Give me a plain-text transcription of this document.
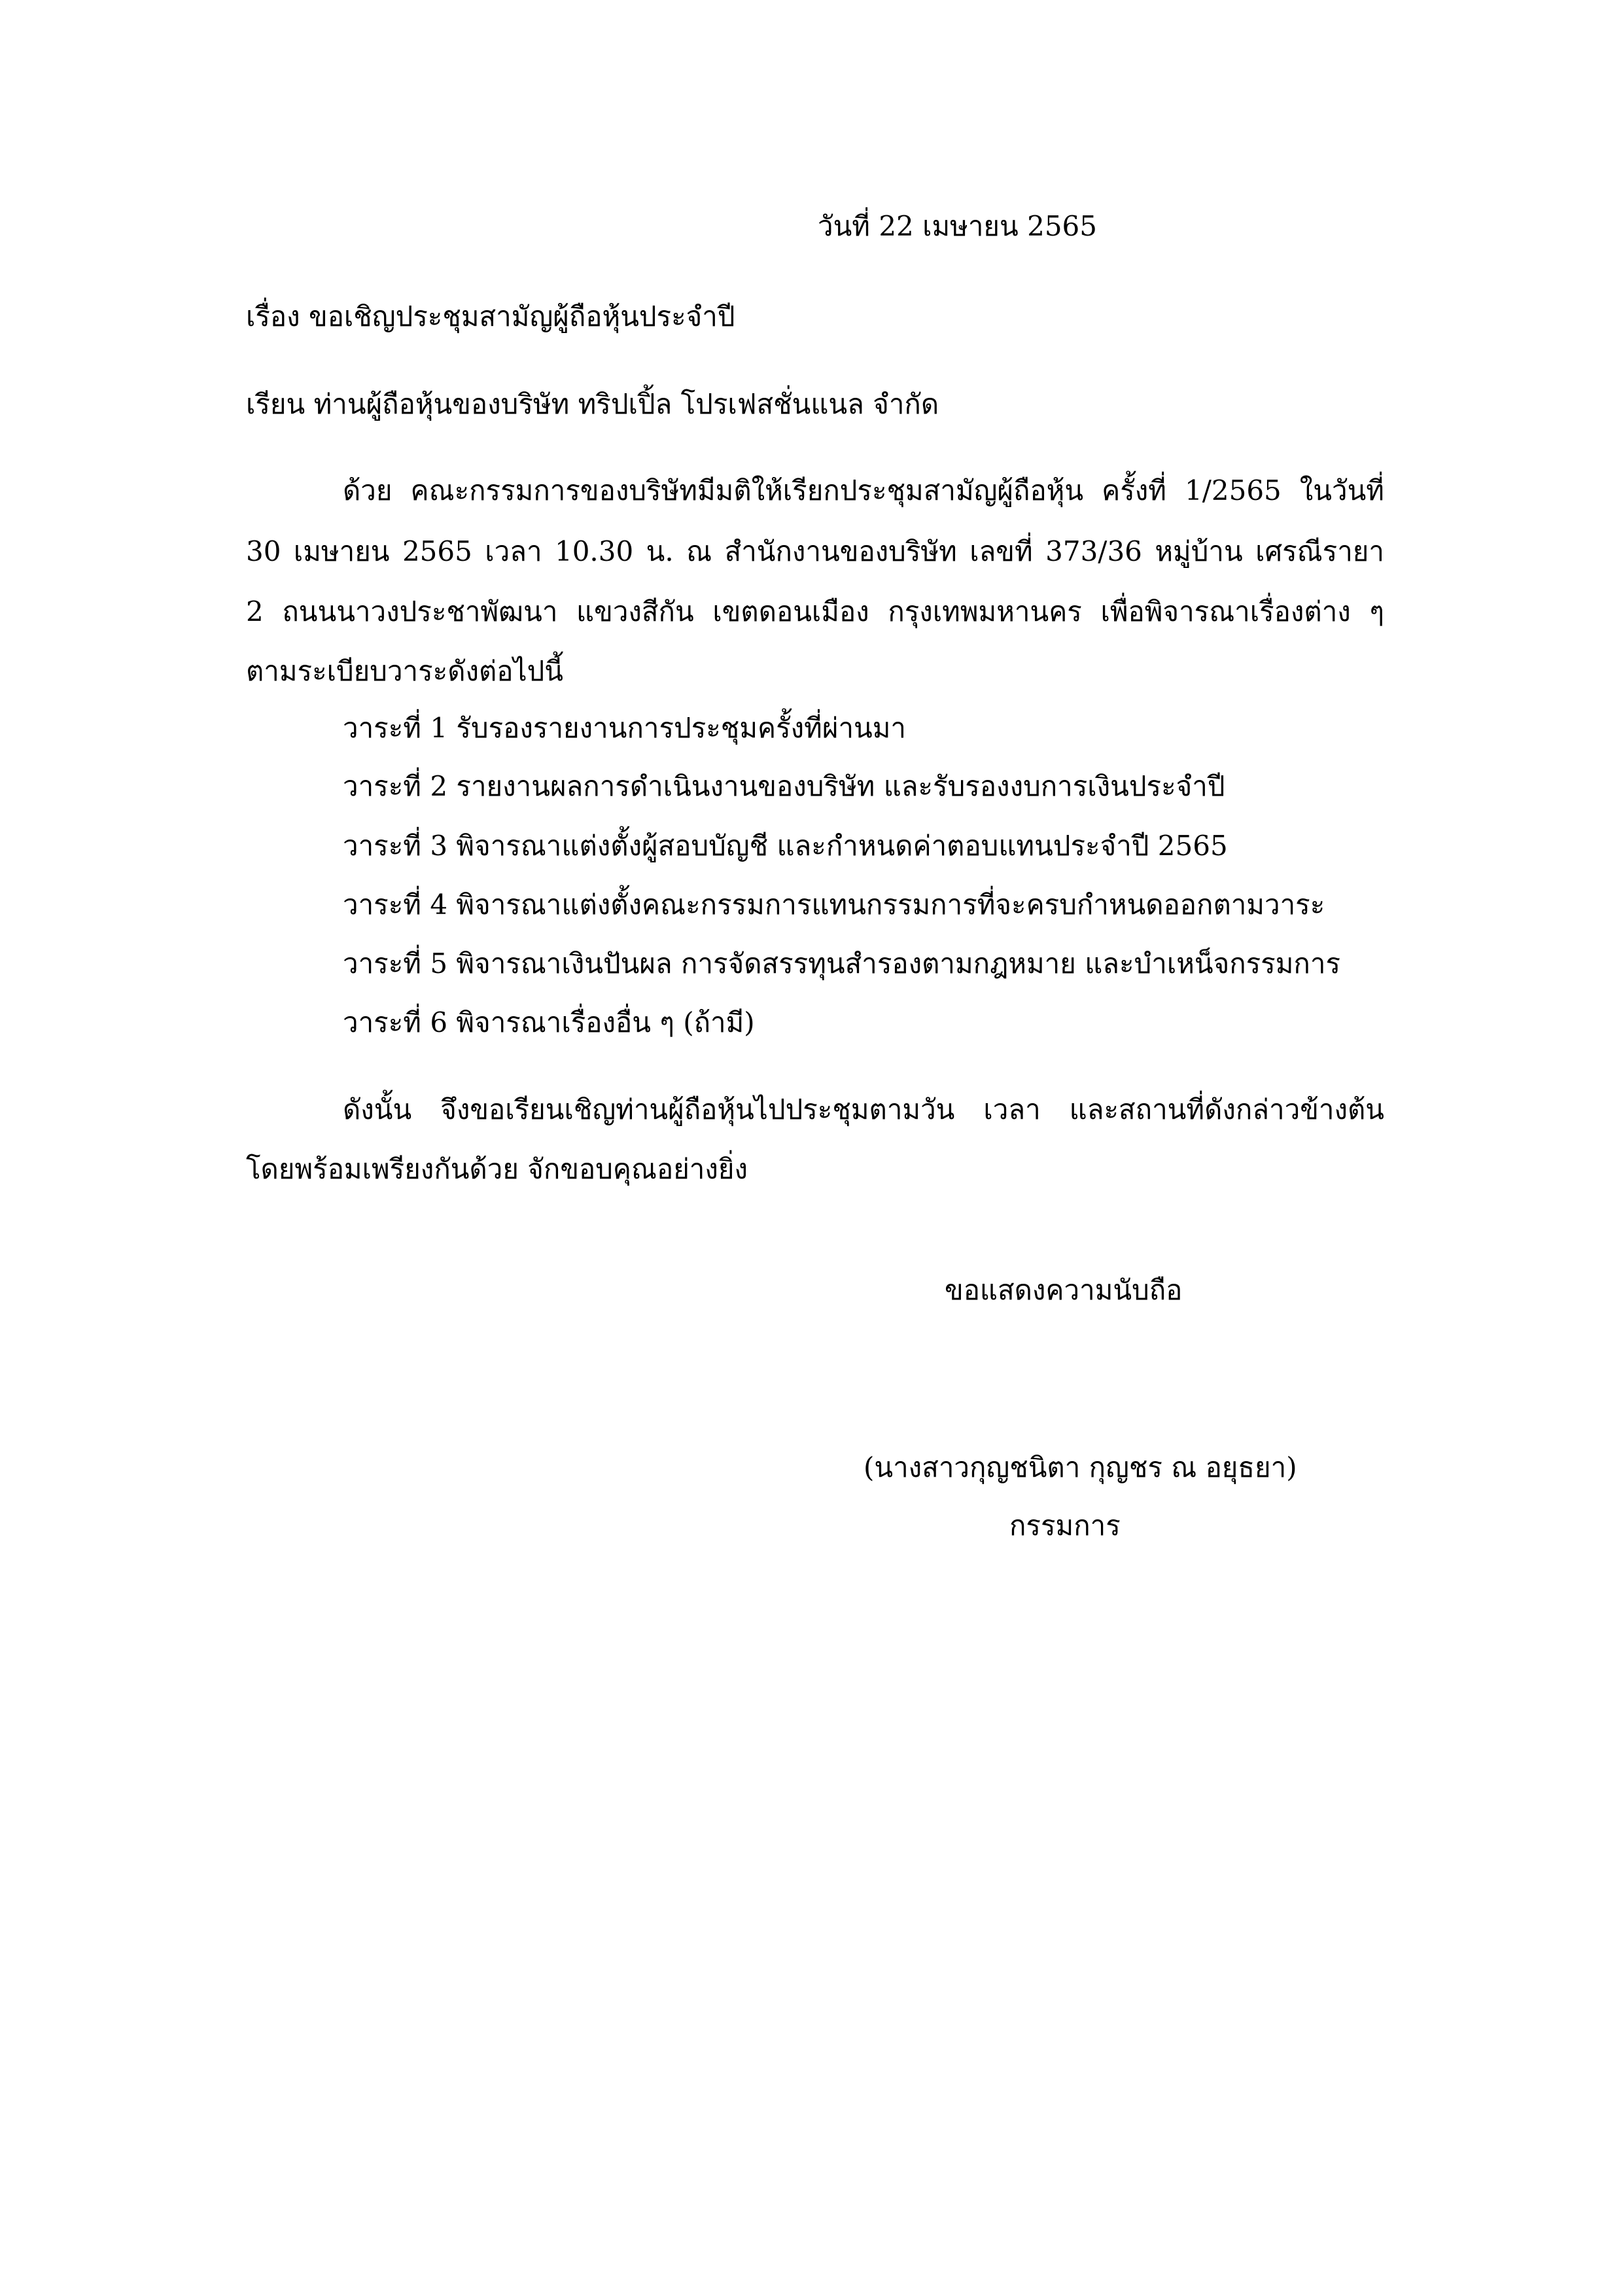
วันที่ 22 เมษายน 2565

เรื่อง ขอเชิญประชุมสามัญผู้ถือหุ้นประจำปี

เรียน ท่านผู้ถือหุ้นของบริษัท ทริปเปิ้ล โปรเฟสชั่นแนล จำกัด

ด้วย คณะกรรมการของบริษัทมีมติให้เรียกประชุมสามัญผู้ถือหุ้น ครั้งที่ 1/2565 ในวันที่

30 เมษายน 2565 เวลา 10.30 น. ณ สำนักงานของบริษัท เลขที่ 373/36 หมู่บ้าน เศรณีรายา

2 ถนนนาวงประชาพัฒนา แขวงสีกัน เขตดอนเมือง กรุงเทพมหานคร เพื่อพิจารณาเรื่องต่าง ๆ

ตามระเบียบวาระดังต่อไปนี้

วาระที่ 1 รับรองรายงานการประชุมครั้งที่ผ่านมา

วาระที่ 2 รายงานผลการดำเนินงานของบริษัท และรับรองงบการเงินประจำปี

วาระที่ 3 พิจารณาแต่งตั้งผู้สอบบัญชี และกำหนดค่าตอบแทนประจำปี 2565

วาระที่ 4 พิจารณาแต่งตั้งคณะกรรมการแทนกรรมการที่จะครบกำหนดออกตามวาระ

วาระที่ 5 พิจารณาเงินปันผล การจัดสรรทุนสำรองตามกฎหมาย และบำเหน็จกรรมการ

วาระที่ 6 พิจารณาเรื่องอื่น ๆ (ถ้ามี)

ดังนั้น จึงขอเรียนเชิญท่านผู้ถือหุ้นไปประชุมตามวัน เวลา และสถานที่ดังกล่าวข้างต้น

โดยพร้อมเพรียงกันด้วย จักขอบคุณอย่างยิ่ง

ขอแสดงความนับถือ

(นางสาวกุญชนิตา กุญชร ณ อยุธยา)

กรรมการ
